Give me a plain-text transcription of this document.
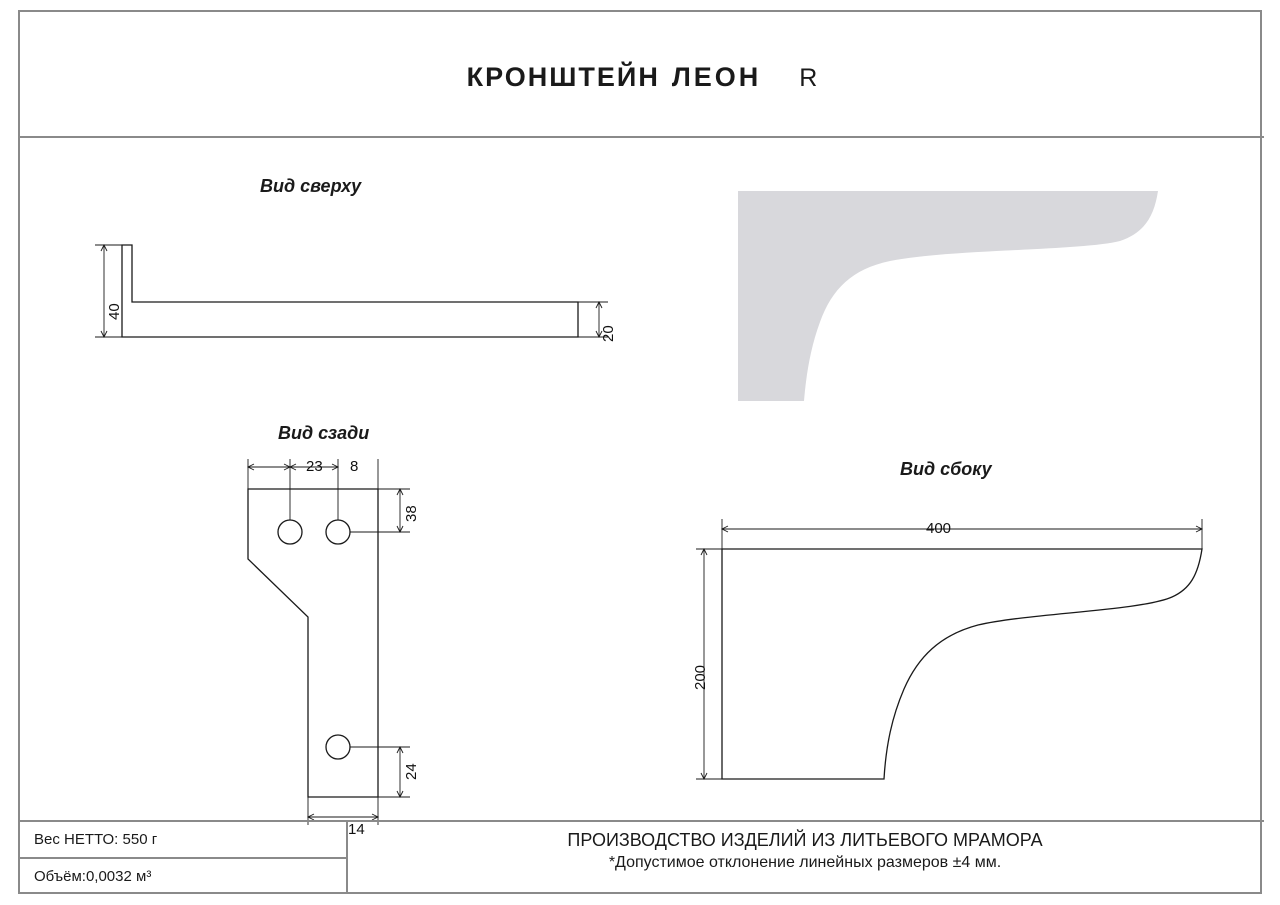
КРОНШТЕЙН ЛЕОН R
Вид сверху
Вид сзади
Вид сбоку
40
20
23 8
38
24
14
400
200
Вес НЕТТО: 550 г
Объём:0,0032 м³
ПРОИЗВОДСТВО ИЗДЕЛИЙ ИЗ ЛИТЬЕВОГО МРАМОРА
*Допустимое отклонение линейных размеров ±4 мм.
